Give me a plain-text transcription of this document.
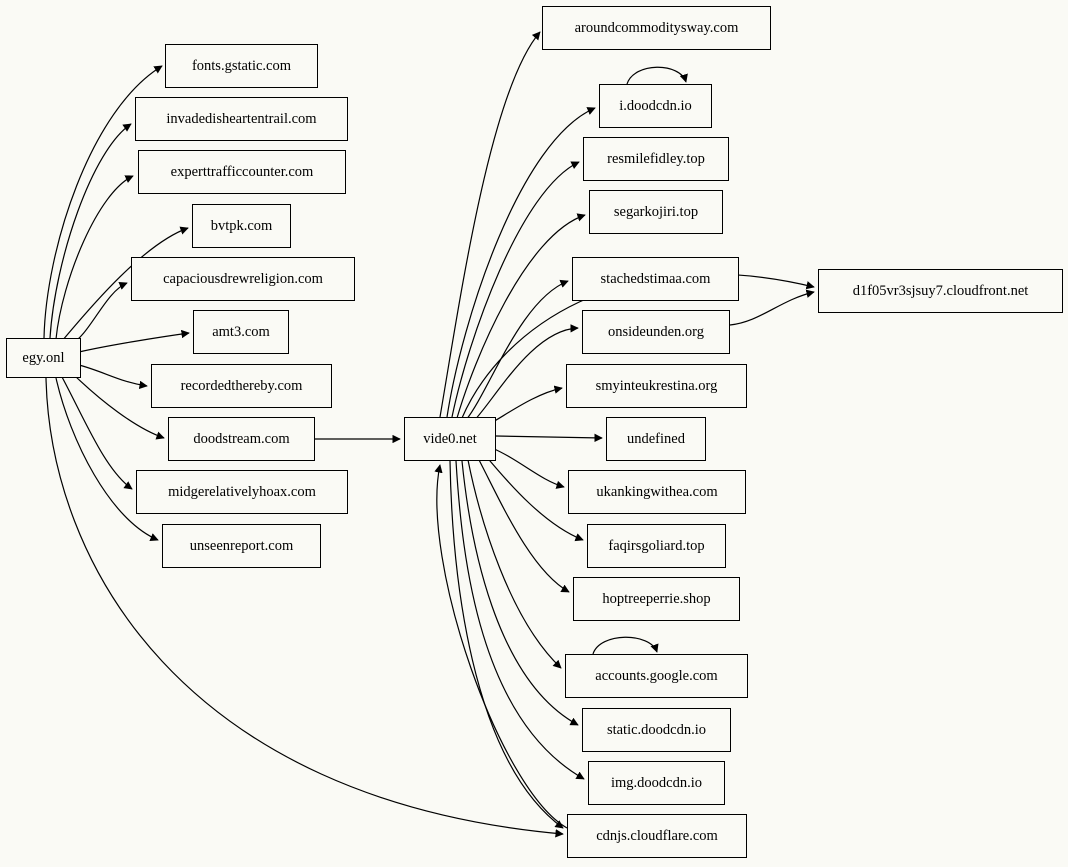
egy.onl
fonts.gstatic.com
invadedisheartentrail.com
experttrafficcounter.com
bvtpk.com
capaciousdrewreligion.com
amt3.com
recordedthereby.com
doodstream.com
midgerelativelyhoax.com
unseenreport.com
vide0.net
aroundcommoditysway.com
i.doodcdn.io
resmilefidley.top
segarkojiri.top
stachedstimaa.com
onsideunden.org
smyinteukrestina.org
undefined
ukankingwithea.com
faqirsgoliard.top
hoptreeperrie.shop
accounts.google.com
static.doodcdn.io
img.doodcdn.io
cdnjs.cloudflare.com
d1f05vr3sjsuy7.cloudfront.net
